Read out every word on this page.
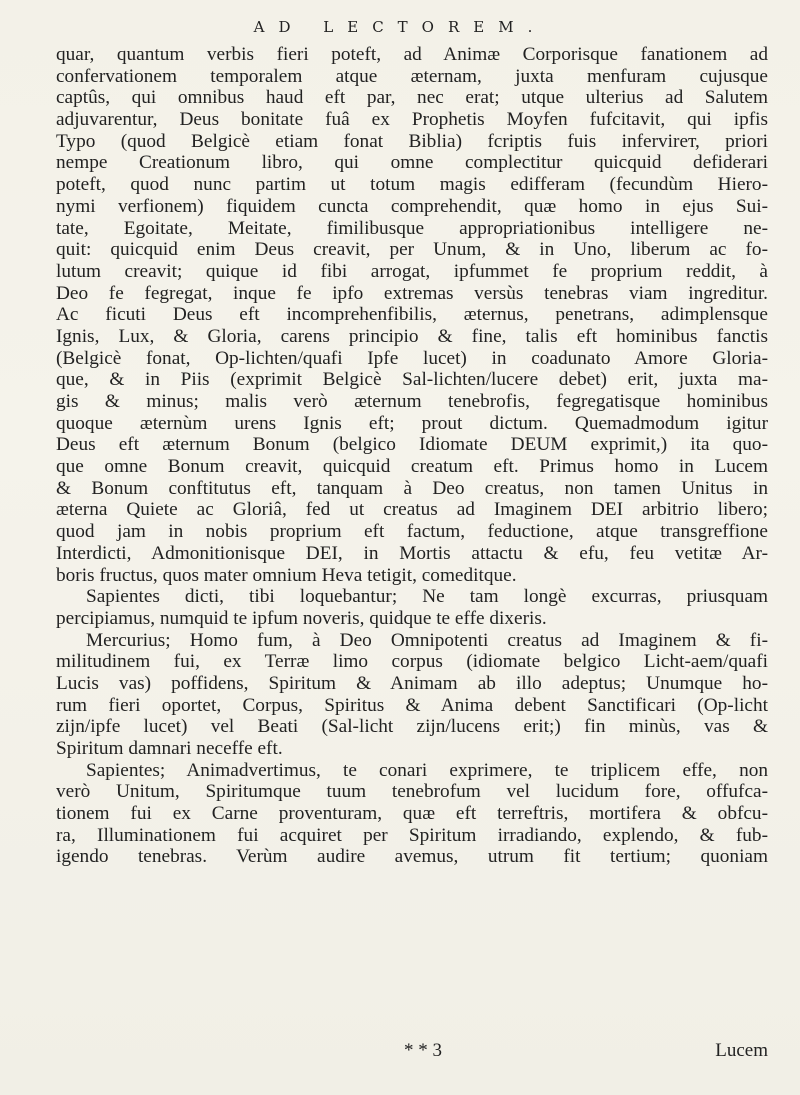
AD LECTOREM.
quar, quantum verbis fieri poteft, ad Animæ Corporisque fanationem ad
confervationem temporalem atque æternam, juxta menfuram cujusque
captûs, qui omnibus haud eft par, nec erat; utque ulterius ad Salutem
adjuvarentur, Deus bonitate fuâ ex Prophetis Moyfen fufcitavit, qui ipfis
Typo (quod Belgicè etiam fonat Biblia) fcriptis fuis infervirет, priori
nempe Creationum libro, qui omne complectitur quicquid defiderari
poteft, quod nunc partim ut totum magis edifferam (fecundùm Hiero-
nymi verfionem) fiquidem cuncta comprehendit, quæ homo in ejus Sui-
tate, Egoitate, Meitate, fimilibusque appropriationibus intelligere ne-
quit: quicquid enim Deus creavit, per Unum, & in Uno, liberum ac fo-
lutum creavit; quique id fibi arrogat, ipfummet fe proprium reddit, à
Deo fe fegregat, inque fe ipfo extremas versùs tenebras viam ingreditur.
Ac ficuti Deus eft incomprehenfibilis, æternus, penetrans, adimplensque
Ignis, Lux, & Gloria, carens principio & fine, talis eft hominibus fanctis
(Belgicè fonat, Op-lichten/quafi Ipfe lucet) in coadunato Amore Gloria-
que, & in Piis (exprimit Belgicè Sal-lichten/lucere debet) erit, juxta ma-
gis & minus; malis verò æternum tenebrofis, fegregatisque hominibus
quoque æternùm urens Ignis eft; prout dictum. Quemadmodum igitur
Deus eft æternum Bonum (belgico Idiomate DEUM exprimit,) ita quo-
que omne Bonum creavit, quicquid creatum eft. Primus homo in Lucem
& Bonum conftitutus eft, tanquam à Deo creatus, non tamen Unitus in
æterna Quiete ac Gloriâ, fed ut creatus ad Imaginem DEI arbitrio libero;
quod jam in nobis proprium eft factum, feductione, atque transgreffione
Interdicti, Admonitionisque DEI, in Mortis attactu & efu, feu vetitæ Ar-
boris fructus, quos mater omnium Heva tetigit, comeditque.
Sapientes dicti, tibi loquebantur; Ne tam longè excurras, priusquam
percipiamus, numquid te ipfum noveris, quidque te effe dixeris.
Mercurius; Homo fum, à Deo Omnipotenti creatus ad Imaginem & fi-
militudinem fui, ex Terræ limo corpus (idiomate belgico Licht-aem/quafi
Lucis vas) poffidens, Spiritum & Animam ab illo adeptus; Unumque ho-
rum fieri oportet, Corpus, Spiritus & Anima debent Sanctificari (Op-licht
zijn/ipfe lucet) vel Beati (Sal-licht zijn/lucens erit;) fin minùs, vas &
Spiritum damnari neceffe eft.
Sapientes; Animadvertimus, te conari exprimere, te triplicem effe, non
verò Unitum, Spiritumque tuum tenebrofum vel lucidum fore, offufca-
tionem fui ex Carne proventuram, quæ eft terreftris, mortifera & obfcu-
ra, Illuminationem fui acquiret per Spiritum irradiando, explendo, & fub-
igendo tenebras. Verùm audire avemus, utrum fit tertium; quoniam
* * 3	Lucem
